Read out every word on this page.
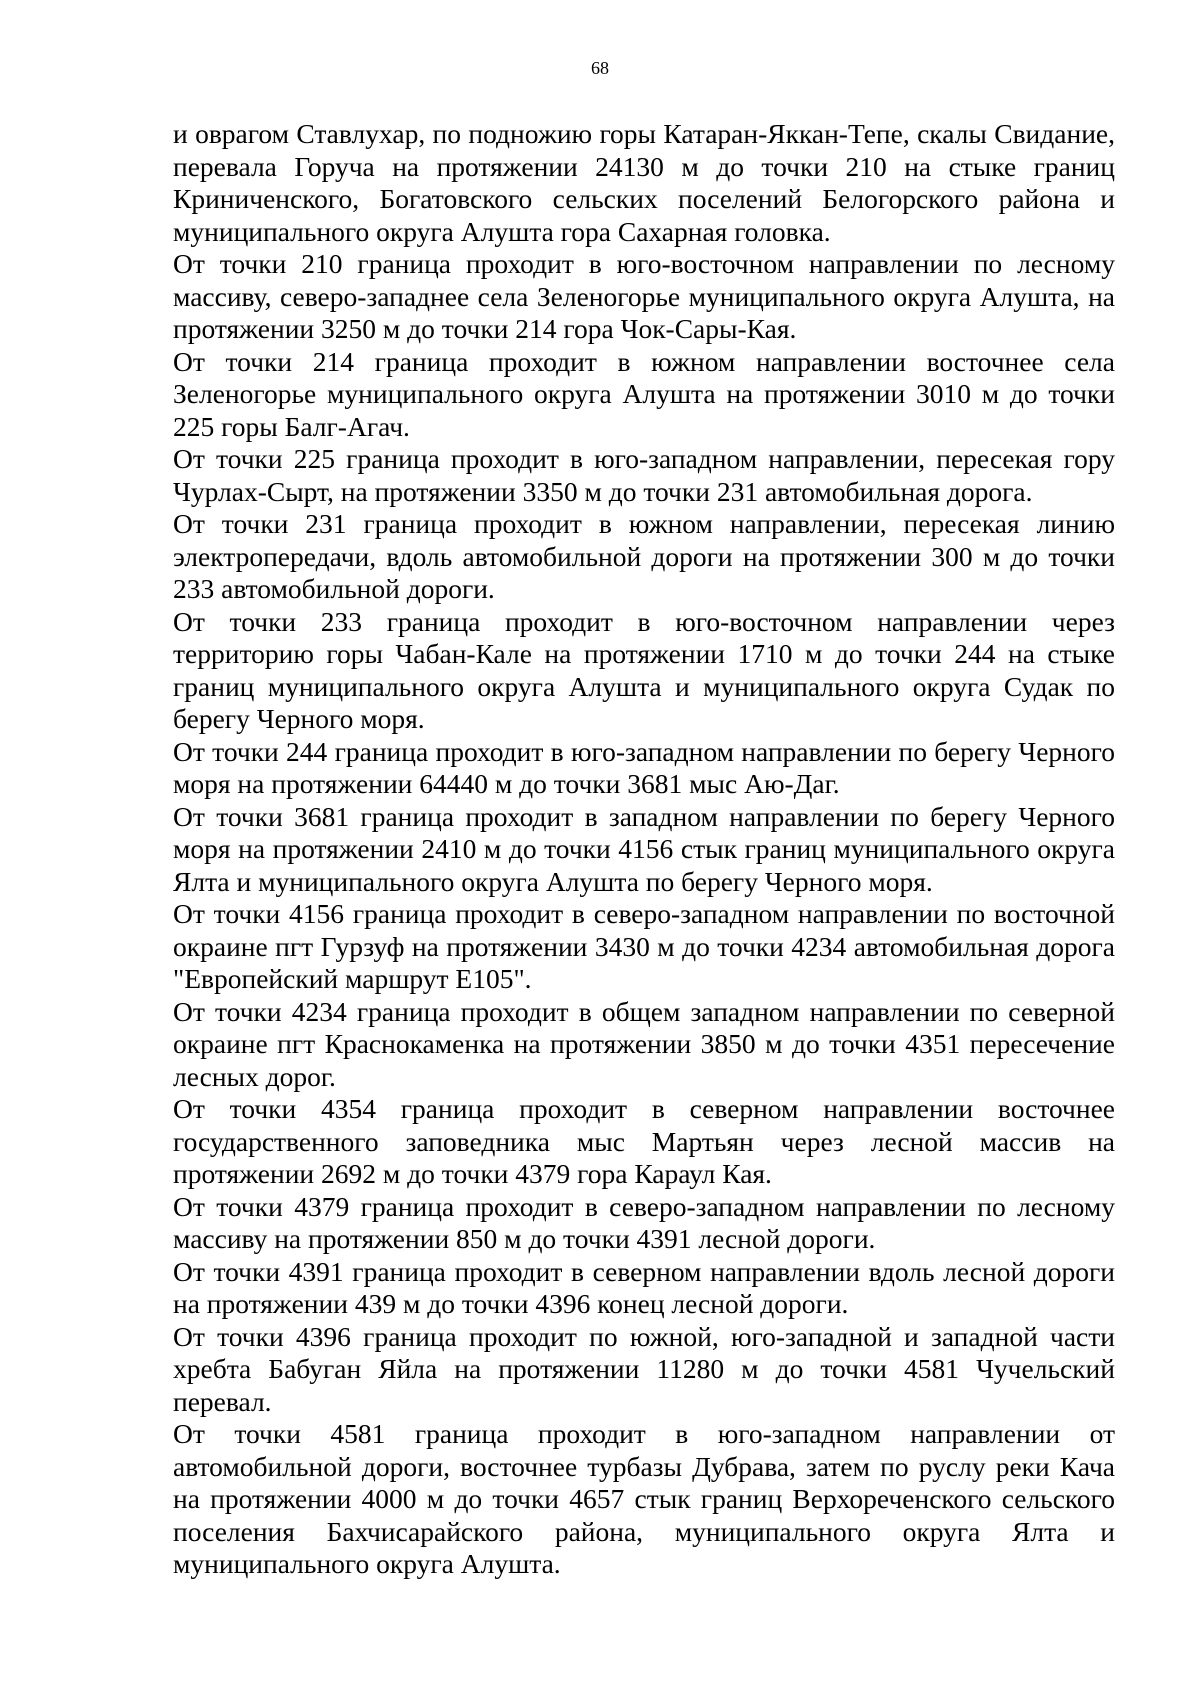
68

и оврагом Ставлухар, по подножию горы Катаран-Яккан-Тепе, скалы Свидание, перевала Горуча на протяжении 24130 м до точки 210 на стыке границ Криниченского, Богатовского сельских поселений Белогорского района и муниципального округа Алушта гора Сахарная головка.

От точки 210 граница проходит в юго-восточном направлении по лесному массиву, северо-западнее села Зеленогорье муниципального округа Алушта, на протяжении 3250 м до точки 214 гора Чок-Сары-Кая.

От точки 214 граница проходит в южном направлении восточнее села Зеленогорье муниципального округа Алушта на протяжении 3010 м до точки 225 горы Балг-Агач.

От точки 225 граница проходит в юго-западном направлении, пересекая гору Чурлах-Сырт, на протяжении 3350 м до точки 231 автомобильная дорога.

От точки 231 граница проходит в южном направлении, пересекая линию электропередачи, вдоль автомобильной дороги на протяжении 300 м до точки 233 автомобильной дороги.

От точки 233 граница проходит в юго-восточном направлении через территорию горы Чабан-Кале на протяжении 1710 м до точки 244 на стыке границ муниципального округа Алушта и муниципального округа Судак по берегу Черного моря.

От точки 244 граница проходит в юго-западном направлении по берегу Черного моря на протяжении 64440 м до точки 3681 мыс Аю-Даг.

От точки 3681 граница проходит в западном направлении по берегу Черного моря на протяжении 2410 м до точки 4156 стык границ муниципального округа Ялта и муниципального округа Алушта по берегу Черного моря.

От точки 4156 граница проходит в северо-западном направлении по восточной окраине пгт Гурзуф на протяжении 3430 м до точки 4234 автомобильная дорога "Европейский маршрут Е105".

От точки 4234 граница проходит в общем западном направлении по северной окраине пгт Краснокаменка на протяжении 3850 м до точки 4351 пересечение лесных дорог.

От точки 4354 граница проходит в северном направлении восточнее государственного заповедника мыс Мартьян через лесной массив на протяжении 2692 м до точки 4379 гора Караул Кая.

От точки 4379 граница проходит в северо-западном направлении по лесному массиву на протяжении 850 м до точки 4391 лесной дороги.

От точки 4391 граница проходит в северном направлении вдоль лесной дороги на протяжении 439 м до точки 4396 конец лесной дороги.

От точки 4396 граница проходит по южной, юго-западной и западной части хребта Бабуган Яйла на протяжении 11280 м до точки 4581 Чучельский перевал.

От точки 4581 граница проходит в юго-западном направлении от автомобильной дороги, восточнее турбазы Дубрава, затем по руслу реки Кача на протяжении 4000 м до точки 4657 стык границ Верхореченского сельского поселения Бахчисарайского района, муниципального округа Ялта и муниципального округа Алушта.
